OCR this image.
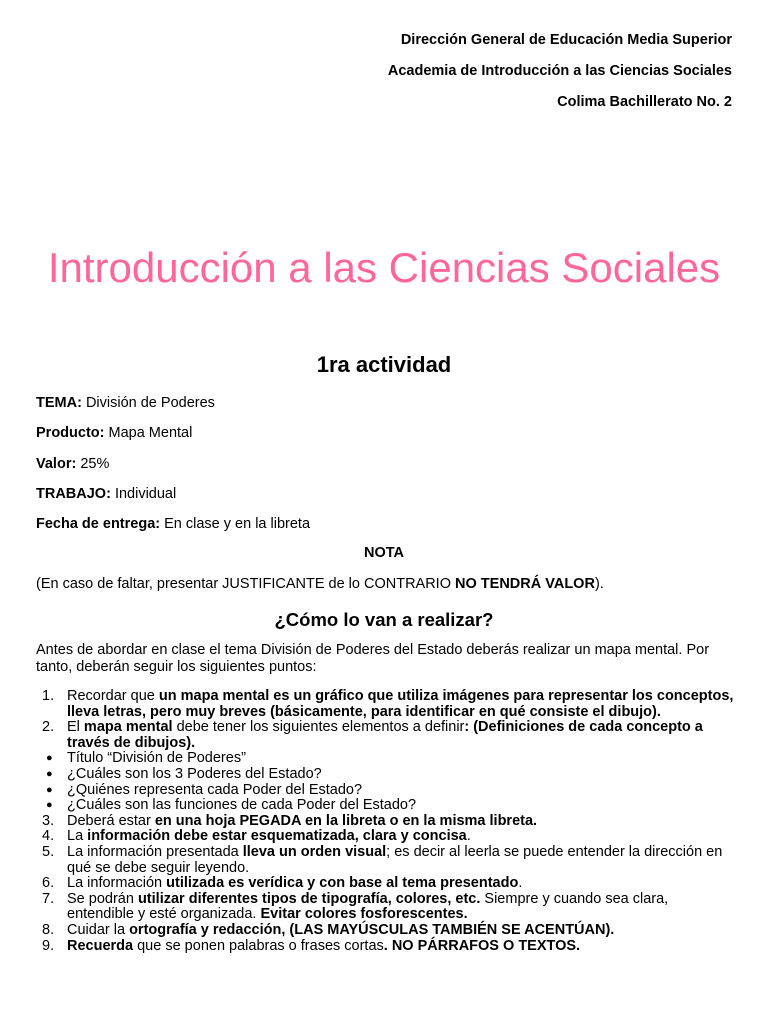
Dirección General de Educación Media Superior
Academia de Introducción a las Ciencias Sociales
Colima Bachillerato No. 2
Introducción a las Ciencias Sociales
1ra actividad
TEMA: División de Poderes
Producto: Mapa Mental
Valor: 25%
TRABAJO: Individual
Fecha de entrega: En clase y en la libreta
NOTA
(En caso de faltar, presentar JUSTIFICANTE de lo CONTRARIO NO TENDRÁ VALOR).
¿Cómo lo van a realizar?
Antes de abordar en clase el tema División de Poderes del Estado deberás realizar un mapa mental. Por tanto, deberán seguir los siguientes puntos:
1. Recordar que un mapa mental es un gráfico que utiliza imágenes para representar los conceptos, lleva letras, pero muy breves (básicamente, para identificar en qué consiste el dibujo).
2. El mapa mental debe tener los siguientes elementos a definir: (Definiciones de cada concepto a través de dibujos).
● Título “División de Poderes”
● ¿Cuáles son los 3 Poderes del Estado?
● ¿Quiénes representa cada Poder del Estado?
● ¿Cuáles son las funciones de cada Poder del Estado?
3. Deberá estar en una hoja PEGADA en la libreta o en la misma libreta.
4. La información debe estar esquematizada, clara y concisa.
5. La información presentada lleva un orden visual; es decir al leerla se puede entender la dirección en qué se debe seguir leyendo.
6. La información utilizada es verídica y con base al tema presentado.
7. Se podrán utilizar diferentes tipos de tipografía, colores, etc. Siempre y cuando sea clara, entendible y esté organizada. Evitar colores fosforescentes.
8. Cuidar la ortografía y redacción, (LAS MAYÚSCULAS TAMBIÉN SE ACENTÚAN).
9. Recuerda que se ponen palabras o frases cortas. NO PÁRRAFOS O TEXTOS.
